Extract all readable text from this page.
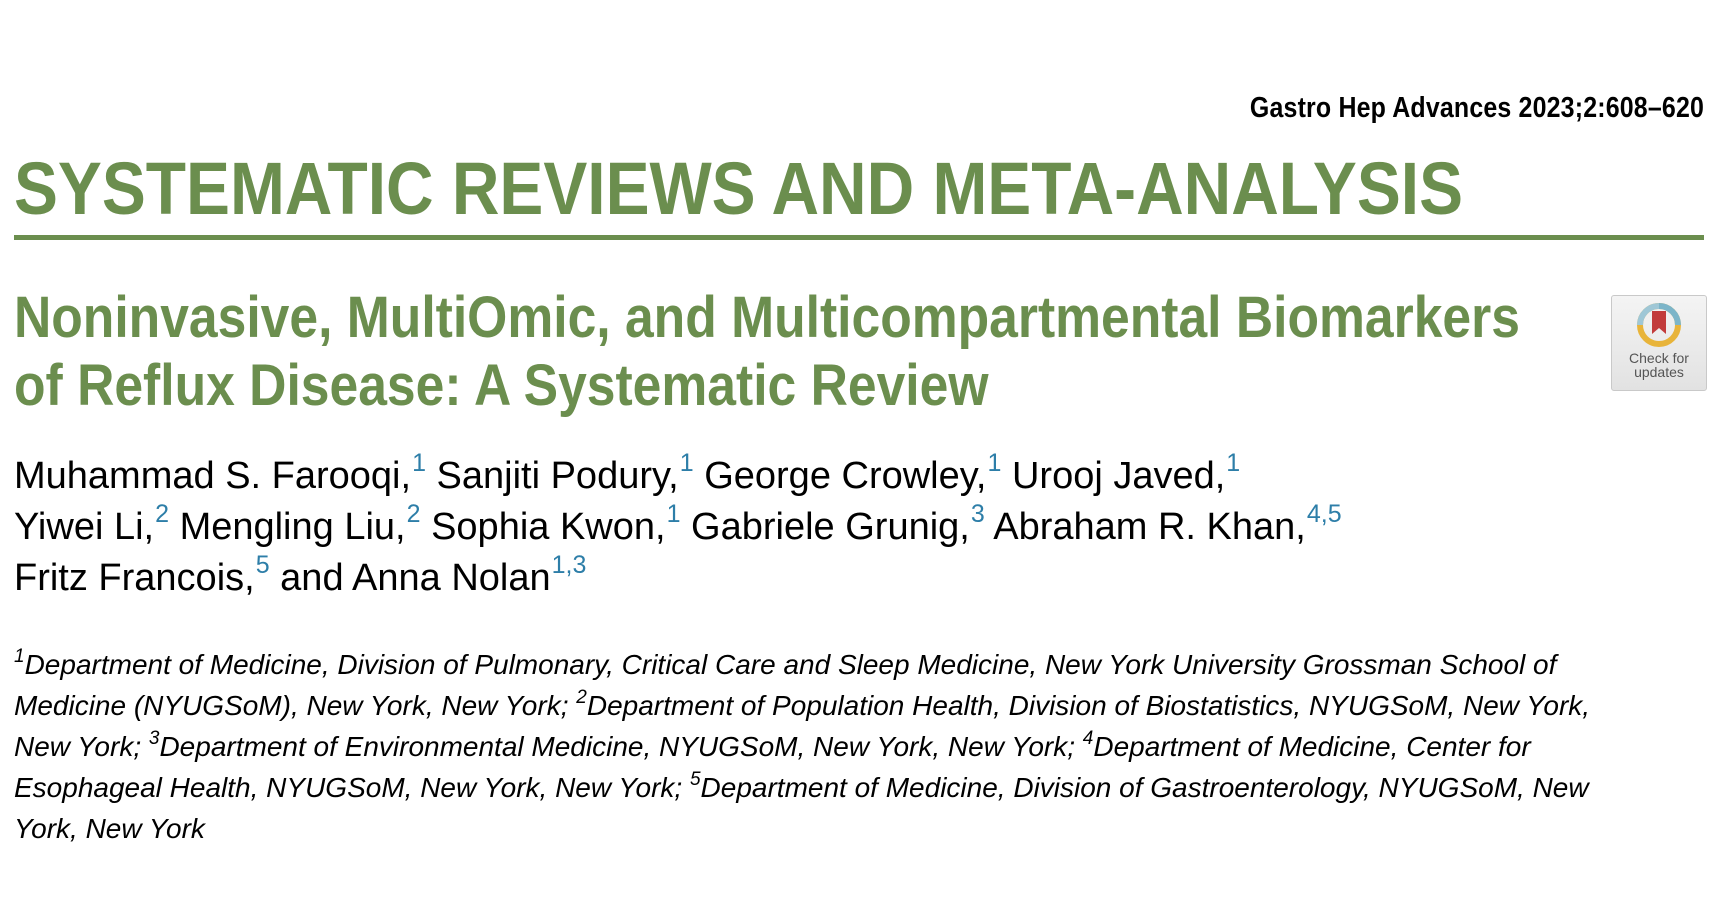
Gastro Hep Advances 2023;2:608–620
SYSTEMATIC REVIEWS AND META-ANALYSIS
Noninvasive, MultiOmic, and Multicompartmental Biomarkers
of Reflux Disease: A Systematic Review	Check for
updates
Muhammad S. Farooqi,$^1$ Sanjiti Podury,$^1$ George Crowley,$^1$ Urooj Javed,$^1$
Yiwei Li,$^2$ Mengling Liu,$^2$ Sophia Kwon,$^1$ Gabriele Grunig,$^3$ Abraham R. Khan,$^{4,5}$
Fritz Francois,$^5$ and Anna Nolan$^{1,3}$
$^1$Department of Medicine, Division of Pulmonary, Critical Care and Sleep Medicine, New York University Grossman School of
Medicine (NYUGSoM), New York, New York; $^2$Department of Population Health, Division of Biostatistics, NYUGSoM, New York,
New York; $^3$Department of Environmental Medicine, NYUGSoM, New York, New York; $^4$Department of Medicine, Center for
Esophageal Health, NYUGSoM, New York, New York; $^5$Department of Medicine, Division of Gastroenterology, NYUGSoM, New
York, New York
